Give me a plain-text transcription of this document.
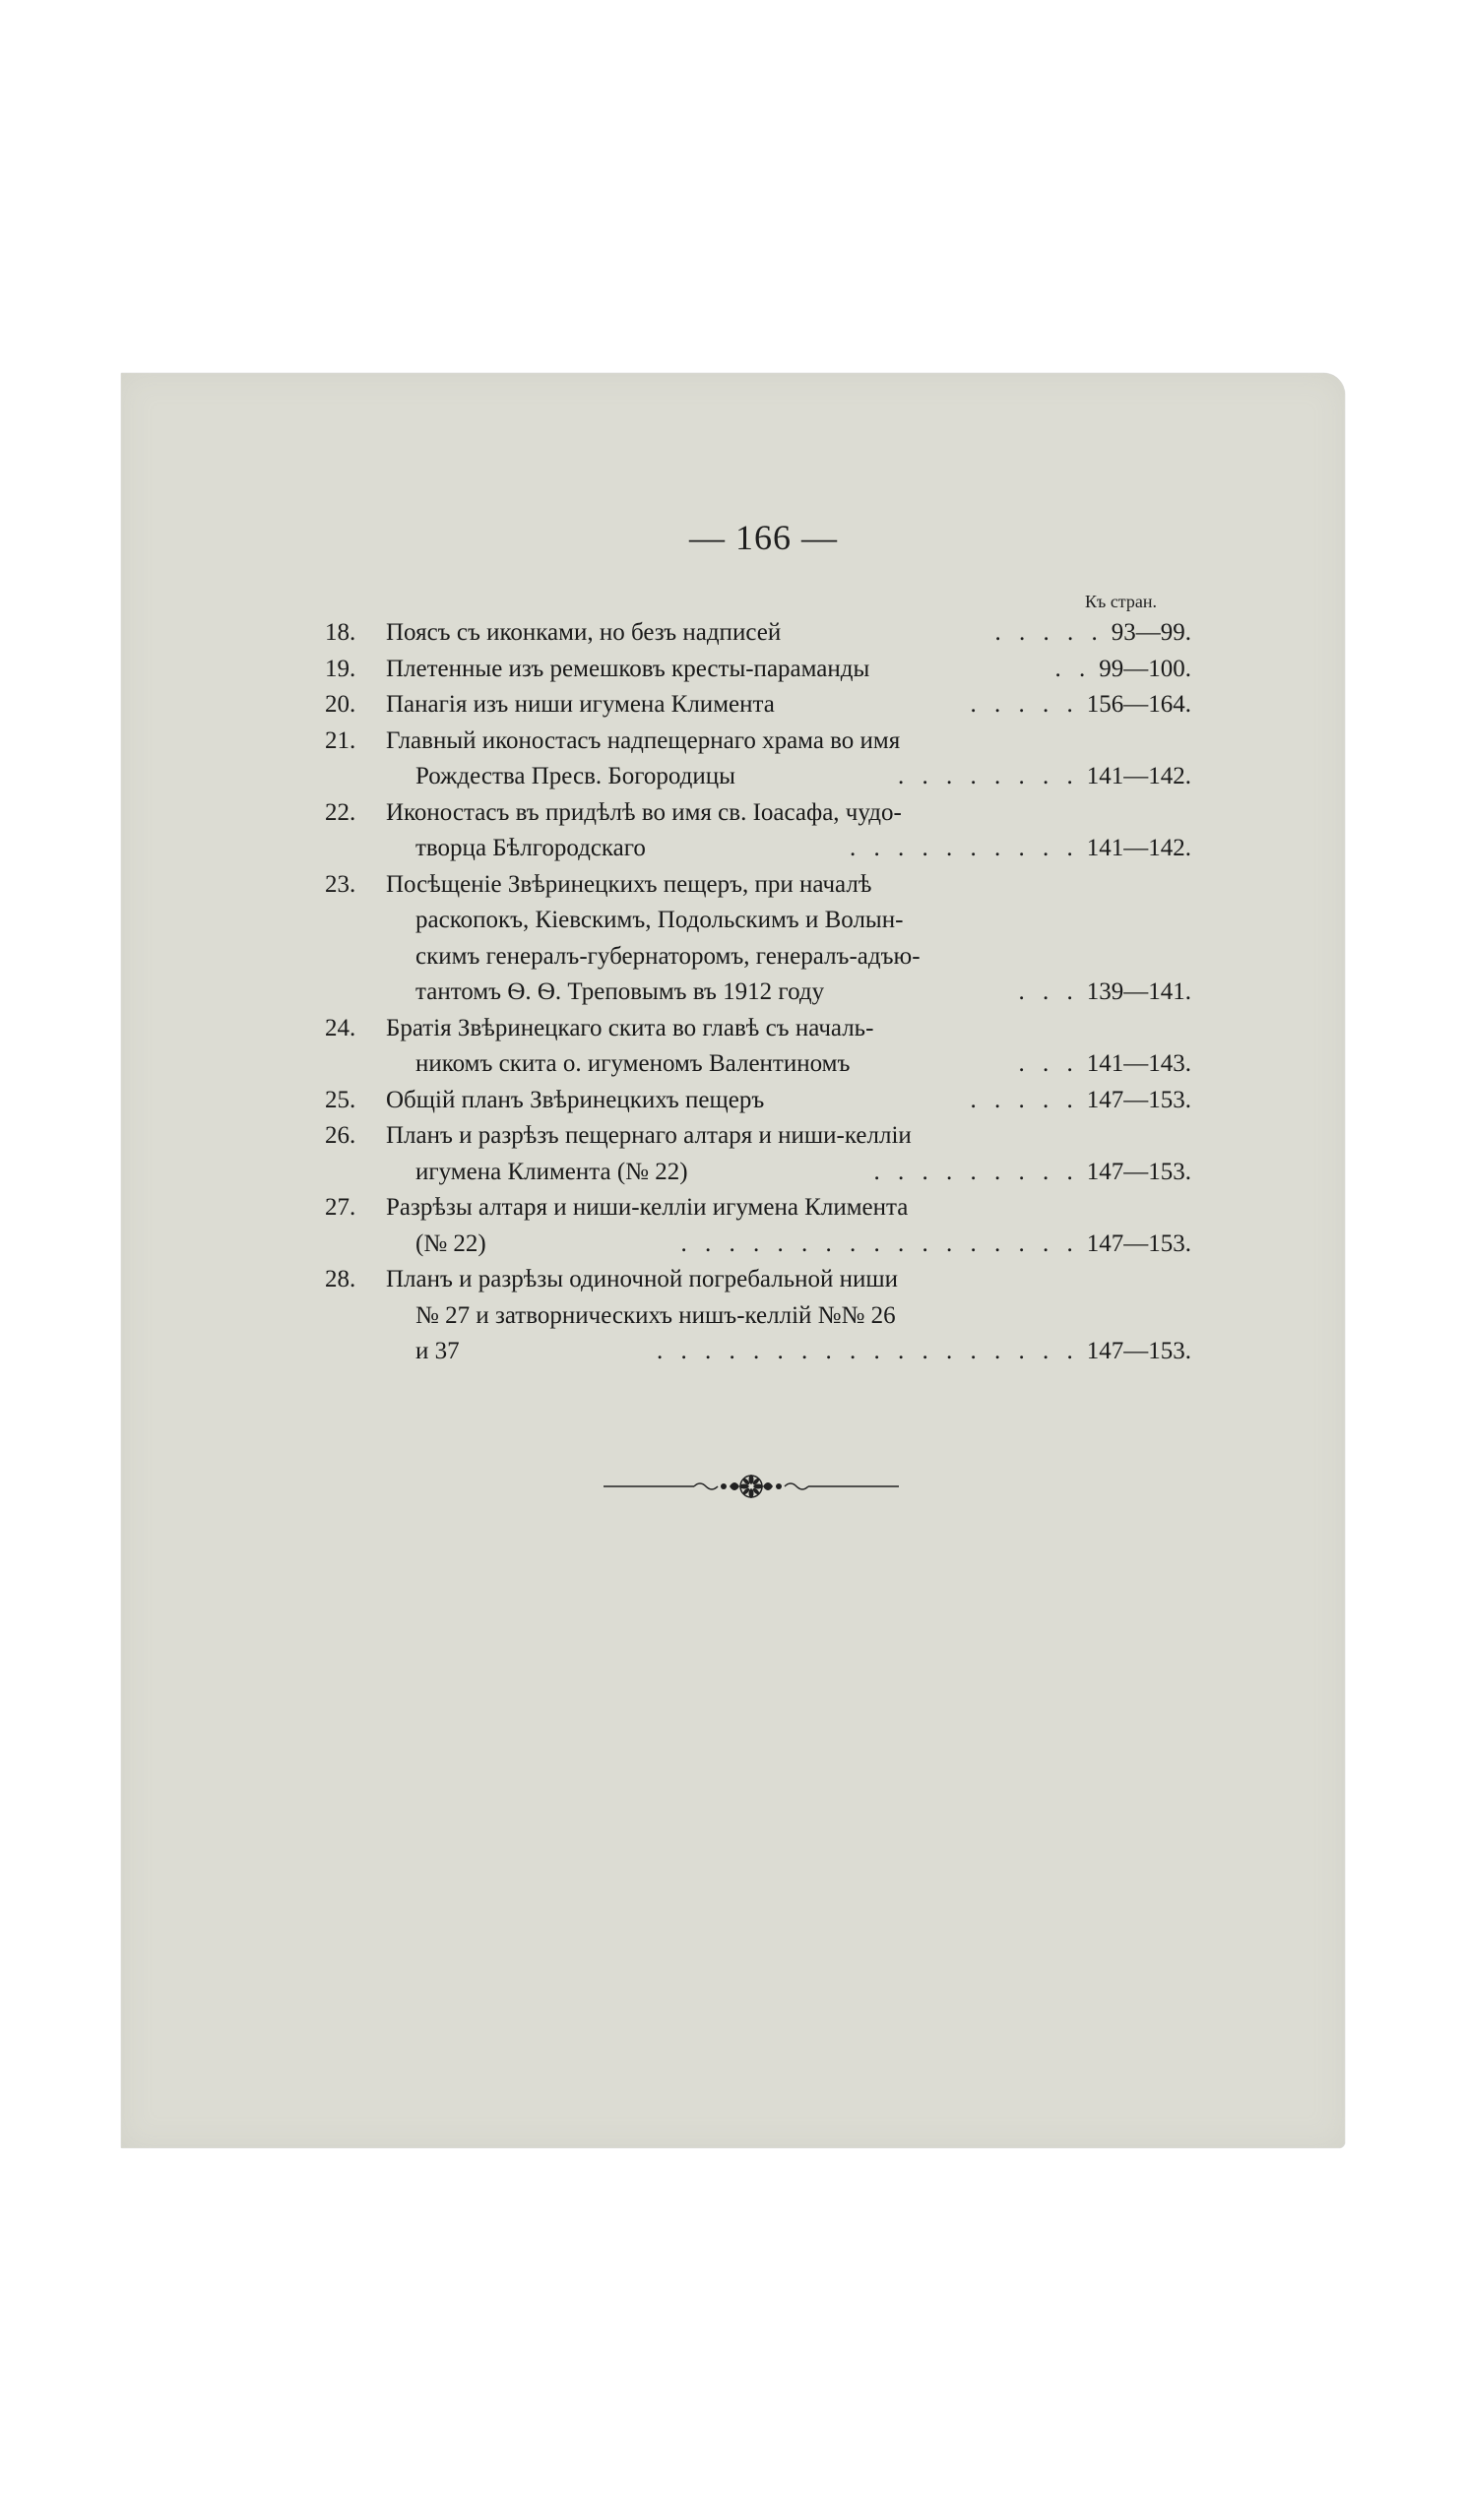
— 166 —
Къ стран.
18.	Поясъ съ иконками, но безъ надписей	93—99.
. . . . .
19.	Плетенные изъ ремешковъ кресты-параманды	99—100.
. .
20.	Панагія изъ ниши игумена Климента	156—164.
. . . . .
21.	Главный иконостасъ надпещернаго храма во имя
Рождества Пресв. Богородицы	141—142.
. . . . . . . .
22.	Иконостасъ въ придѣлѣ во имя св. Іоасафа, чудо-
творца Бѣлгородскаго	141—142.
. . . . . . . . . .
23.	Посѣщеніе Звѣринецкихъ пещеръ, при началѣ
раскопокъ, Кіевскимъ, Подольскимъ и Волын-
скимъ генералъ-губернаторомъ, генералъ-адъю-
тантомъ Ѳ. Ѳ. Треповымъ въ 1912 году	139—141.
. . .
24.	Братія Звѣринецкаго скита во главѣ съ началь-
никомъ скита о. игуменомъ Валентиномъ	141—143.
. . .
25.	Общій планъ Звѣринецкихъ пещеръ	147—153.
. . . . .
26.	Планъ и разрѣзъ пещернаго алтаря и ниши-келліи
игумена Климента (№ 22)	147—153.
. . . . . . . . .
27.	Разрѣзы алтаря и ниши-келліи игумена Климента
(№ 22)	147—153.
. . . . . . . . . . . . . . . . .
28.	Планъ и разрѣзы одиночной погребальной ниши
№ 27 и затворническихъ нишъ-келлій №№ 26
и 37	147—153.
. . . . . . . . . . . . . . . . . .
